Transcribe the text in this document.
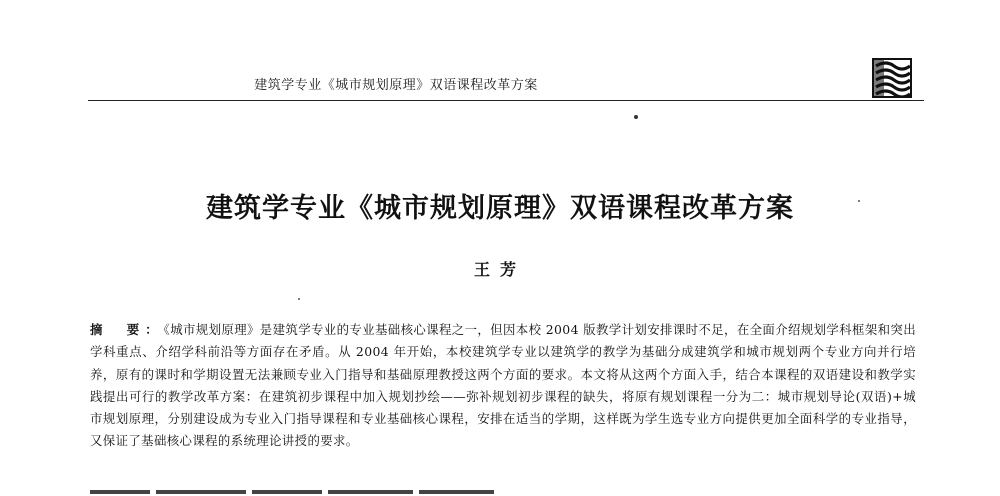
建筑学专业《城市规划原理》双语课程改革方案
建筑学专业《城市规划原理》双语课程改革方案
王芳
摘　要：《城市规划原理》是建筑学专业的专业基础核心课程之一，但因本校 2004 版教学计划安排课时不足，在全面介绍规划学科框架和突出学科重点、介绍学科前沿等方面存在矛盾。从 2004 年开始，本校建筑学专业以建筑学的教学为基础分成建筑学和城市规划两个专业方向并行培养，原有的课时和学期设置无法兼顾专业入门指导和基础原理教授这两个方面的要求。本文将从这两个方面入手，结合本课程的双语建设和教学实践提出可行的教学改革方案：在建筑初步课程中加入规划抄绘——弥补规划初步课程的缺失，将原有规划课程一分为二：城市规划导论(双语)+城市规划原理，分别建设成为专业入门指导课程和专业基础核心课程，安排在适当的学期，这样既为学生选专业方向提供更加全面科学的专业指导，又保证了基础核心课程的系统理论讲授的要求。
